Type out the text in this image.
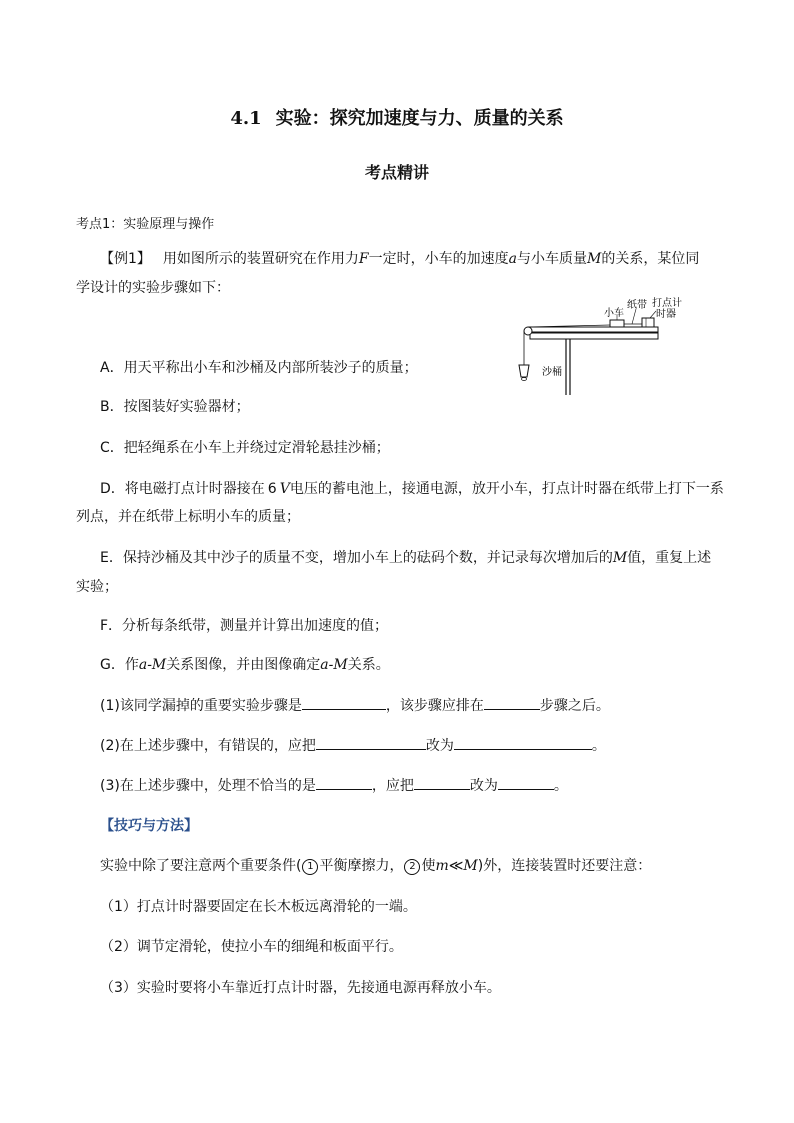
4.1 实验：探究加速度与力、质量的关系
考点精讲
考点1：实验原理与操作
【例1】 用如图所示的装置研究在作用力F一定时，小车的加速度a与小车质量M的关系，某位同
学设计的实验步骤如下：
纸带 打点计
时器
小车
沙桶
A．用天平称出小车和沙桶及内部所装沙子的质量；
B．按图装好实验器材；
C．把轻绳系在小车上并绕过定滑轮悬挂沙桶；
D．将电磁打点计时器接在 6 V电压的蓄电池上，接通电源，放开小车，打点计时器在纸带上打下一系
列点，并在纸带上标明小车的质量；
E．保持沙桶及其中沙子的质量不变，增加小车上的砝码个数，并记录每次增加后的M值，重复上述
实验；
F．分析每条纸带，测量并计算出加速度的值；
G．作a-M关系图像，并由图像确定a-M关系。
(1)该同学漏掉的重要实验步骤是	，该步骤应排在	步骤之后。
(2)在上述步骤中，有错误的，应把	改为	。
(3)在上述步骤中，处理不恰当的是	，应把	改为	。
【技巧与方法】
实验中除了要注意两个重要条件( 1 平衡摩擦力， 2 使m≪M)外，连接装置时还要注意：
（1）打点计时器要固定在长木板远离滑轮的一端。
（2）调节定滑轮，使拉小车的细绳和板面平行。
（3）实验时要将小车靠近打点计时器，先接通电源再释放小车。
